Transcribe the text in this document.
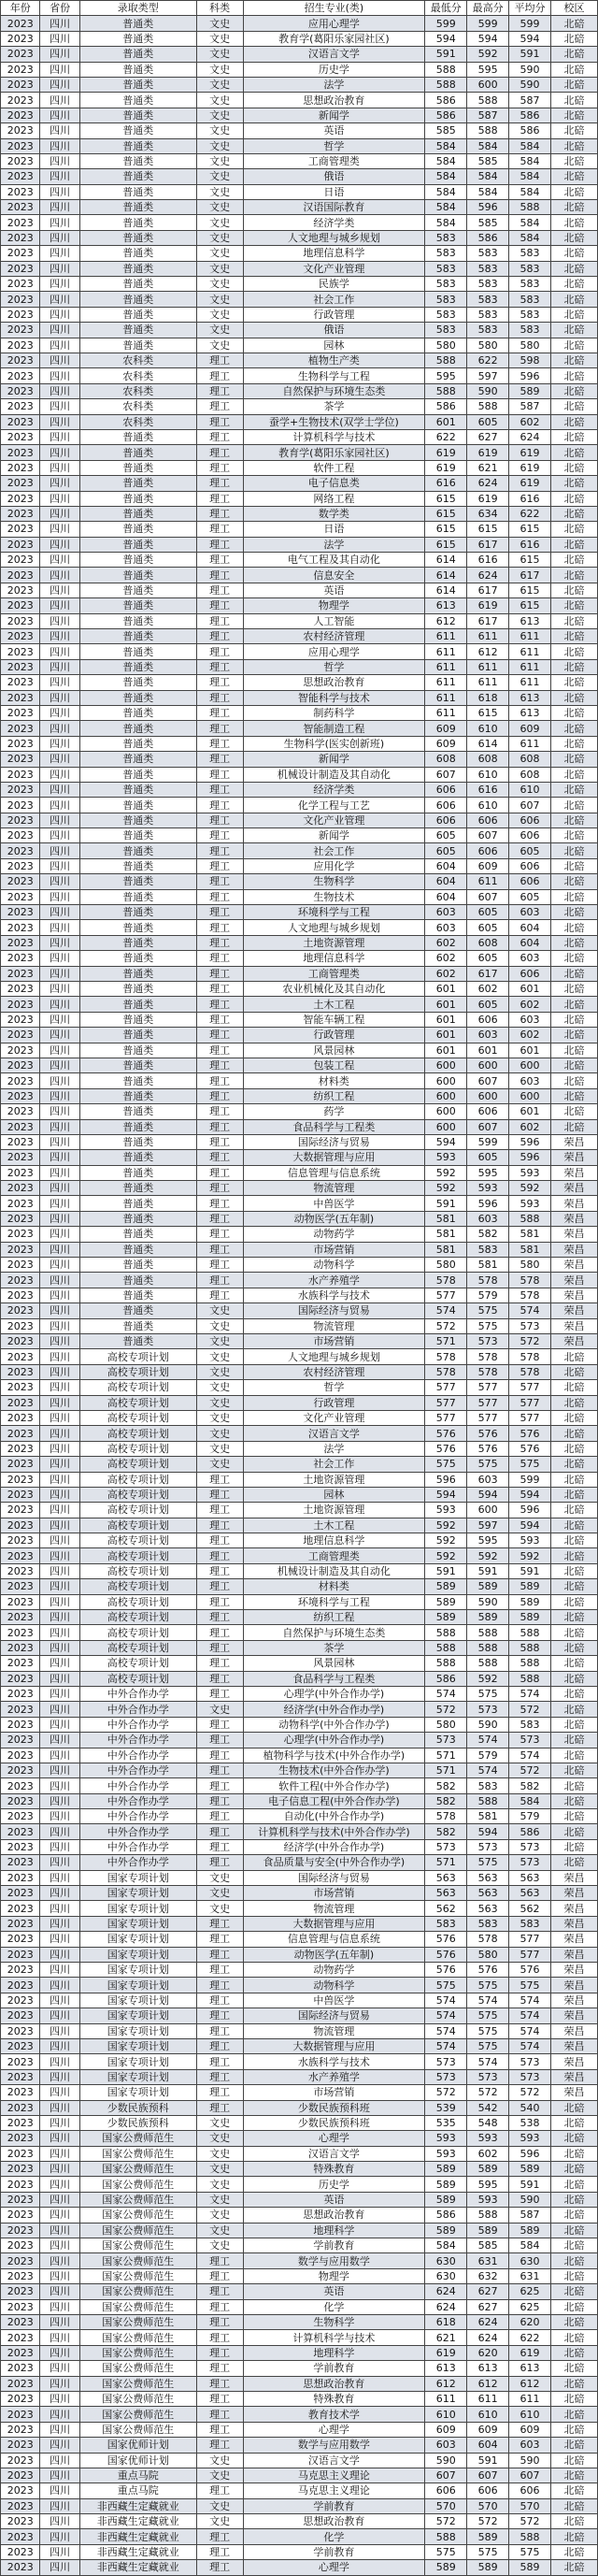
年份	省份	录取类型	科类	招生专业(类)	最低分	最高分	平均分	校区
2023	四川	普通类	文史	应用心理学	599	599	599	北碚
2023	四川	普通类	文史	教育学(葛阳乐家园社区)	594	594	594	北碚
2023	四川	普通类	文史	汉语言文学	591	592	591	北碚
2023	四川	普通类	文史	历史学	588	595	590	北碚
2023	四川	普通类	文史	法学	588	600	590	北碚
2023	四川	普通类	文史	思想政治教育	586	588	587	北碚
2023	四川	普通类	文史	新闻学	586	587	586	北碚
2023	四川	普通类	文史	英语	585	588	586	北碚
2023	四川	普通类	文史	哲学	584	584	584	北碚
2023	四川	普通类	文史	工商管理类	584	585	584	北碚
2023	四川	普通类	文史	俄语	584	584	584	北碚
2023	四川	普通类	文史	日语	584	584	584	北碚
2023	四川	普通类	文史	汉语国际教育	584	596	588	北碚
2023	四川	普通类	文史	经济学类	584	585	584	北碚
2023	四川	普通类	文史	人文地理与城乡规划	583	586	584	北碚
2023	四川	普通类	文史	地理信息科学	583	583	583	北碚
2023	四川	普通类	文史	文化产业管理	583	583	583	北碚
2023	四川	普通类	文史	民族学	583	583	583	北碚
2023	四川	普通类	文史	社会工作	583	583	583	北碚
2023	四川	普通类	文史	行政管理	583	583	583	北碚
2023	四川	普通类	文史	俄语	583	583	583	北碚
2023	四川	普通类	文史	园林	580	580	580	北碚
2023	四川	农科类	理工	植物生产类	588	622	598	北碚
2023	四川	农科类	理工	生物科学与工程	595	597	596	北碚
2023	四川	农科类	理工	自然保护与环境生态类	588	590	589	北碚
2023	四川	农科类	理工	茶学	586	588	587	北碚
2023	四川	农科类	理工	蚕学+生物技术(双学士学位)	601	605	602	北碚
2023	四川	普通类	理工	计算机科学与技术	622	627	624	北碚
2023	四川	普通类	理工	教育学(葛阳乐家园社区)	619	619	619	北碚
2023	四川	普通类	理工	软件工程	619	621	619	北碚
2023	四川	普通类	理工	电子信息类	616	624	619	北碚
2023	四川	普通类	理工	网络工程	615	619	616	北碚
2023	四川	普通类	理工	数学类	615	634	622	北碚
2023	四川	普通类	理工	日语	615	615	615	北碚
2023	四川	普通类	理工	法学	615	617	616	北碚
2023	四川	普通类	理工	电气工程及其自动化	614	616	615	北碚
2023	四川	普通类	理工	信息安全	614	624	617	北碚
2023	四川	普通类	理工	英语	614	617	615	北碚
2023	四川	普通类	理工	物理学	613	619	615	北碚
2023	四川	普通类	理工	人工智能	612	617	613	北碚
2023	四川	普通类	理工	农村经济管理	611	611	611	北碚
2023	四川	普通类	理工	应用心理学	611	612	611	北碚
2023	四川	普通类	理工	哲学	611	611	611	北碚
2023	四川	普通类	理工	思想政治教育	611	611	611	北碚
2023	四川	普通类	理工	智能科学与技术	611	618	613	北碚
2023	四川	普通类	理工	制药科学	611	615	613	北碚
2023	四川	普通类	理工	智能制造工程	609	610	609	北碚
2023	四川	普通类	理工	生物科学(医实创新班)	609	614	611	北碚
2023	四川	普通类	理工	新闻学	608	608	608	北碚
2023	四川	普通类	理工	机械设计制造及其自动化	607	610	608	北碚
2023	四川	普通类	理工	经济学类	606	616	610	北碚
2023	四川	普通类	理工	化学工程与工艺	606	610	607	北碚
2023	四川	普通类	理工	文化产业管理	606	606	606	北碚
2023	四川	普通类	理工	新闻学	605	607	606	北碚
2023	四川	普通类	理工	社会工作	605	606	605	北碚
2023	四川	普通类	理工	应用化学	604	609	606	北碚
2023	四川	普通类	理工	生物科学	604	611	606	北碚
2023	四川	普通类	理工	生物技术	604	607	605	北碚
2023	四川	普通类	理工	环境科学与工程	603	605	603	北碚
2023	四川	普通类	理工	人文地理与城乡规划	603	605	604	北碚
2023	四川	普通类	理工	土地资源管理	602	608	604	北碚
2023	四川	普通类	理工	地理信息科学	602	605	603	北碚
2023	四川	普通类	理工	工商管理类	602	617	606	北碚
2023	四川	普通类	理工	农业机械化及其自动化	601	602	601	北碚
2023	四川	普通类	理工	土木工程	601	605	602	北碚
2023	四川	普通类	理工	智能车辆工程	601	606	603	北碚
2023	四川	普通类	理工	行政管理	601	603	602	北碚
2023	四川	普通类	理工	风景园林	601	601	601	北碚
2023	四川	普通类	理工	包装工程	600	600	600	北碚
2023	四川	普通类	理工	材料类	600	607	603	北碚
2023	四川	普通类	理工	纺织工程	600	600	600	北碚
2023	四川	普通类	理工	药学	600	606	601	北碚
2023	四川	普通类	理工	食品科学与工程类	600	607	602	北碚
2023	四川	普通类	理工	国际经济与贸易	594	599	596	荣昌
2023	四川	普通类	理工	大数据管理与应用	593	605	596	荣昌
2023	四川	普通类	理工	信息管理与信息系统	592	595	593	荣昌
2023	四川	普通类	理工	物流管理	592	593	592	荣昌
2023	四川	普通类	理工	中兽医学	591	596	593	荣昌
2023	四川	普通类	理工	动物医学(五年制)	581	603	588	荣昌
2023	四川	普通类	理工	动物药学	581	582	581	荣昌
2023	四川	普通类	理工	市场营销	581	583	581	荣昌
2023	四川	普通类	理工	动物科学	580	581	580	荣昌
2023	四川	普通类	理工	水产养殖学	578	578	578	荣昌
2023	四川	普通类	理工	水族科学与技术	577	579	578	荣昌
2023	四川	普通类	文史	国际经济与贸易	574	575	574	荣昌
2023	四川	普通类	文史	物流管理	572	575	573	荣昌
2023	四川	普通类	文史	市场营销	571	573	572	荣昌
2023	四川	高校专项计划	文史	人文地理与城乡规划	578	578	578	北碚
2023	四川	高校专项计划	文史	农村经济管理	578	578	578	北碚
2023	四川	高校专项计划	文史	哲学	577	577	577	北碚
2023	四川	高校专项计划	文史	行政管理	577	577	577	北碚
2023	四川	高校专项计划	文史	文化产业管理	577	577	577	北碚
2023	四川	高校专项计划	文史	汉语言文学	576	576	576	北碚
2023	四川	高校专项计划	文史	法学	576	576	576	北碚
2023	四川	高校专项计划	文史	社会工作	575	575	575	北碚
2023	四川	高校专项计划	理工	土地资源管理	596	603	599	北碚
2023	四川	高校专项计划	理工	园林	594	594	594	北碚
2023	四川	高校专项计划	理工	土地资源管理	593	600	596	北碚
2023	四川	高校专项计划	理工	土木工程	592	597	594	北碚
2023	四川	高校专项计划	理工	地理信息科学	592	595	593	北碚
2023	四川	高校专项计划	理工	工商管理类	592	592	592	北碚
2023	四川	高校专项计划	理工	机械设计制造及其自动化	591	591	591	北碚
2023	四川	高校专项计划	理工	材料类	589	589	589	北碚
2023	四川	高校专项计划	理工	环境科学与工程	589	590	589	北碚
2023	四川	高校专项计划	理工	纺织工程	589	589	589	北碚
2023	四川	高校专项计划	理工	自然保护与环境生态类	588	588	588	北碚
2023	四川	高校专项计划	理工	茶学	588	588	588	北碚
2023	四川	高校专项计划	理工	风景园林	588	588	588	北碚
2023	四川	高校专项计划	理工	食品科学与工程类	586	592	588	北碚
2023	四川	中外合作办学	理工	心理学(中外合作办学)	574	575	574	北碚
2023	四川	中外合作办学	文史	经济学(中外合作办学)	572	573	572	北碚
2023	四川	中外合作办学	理工	动物科学(中外合作办学)	580	590	583	北碚
2023	四川	中外合作办学	理工	心理学(中外合作办学)	573	574	573	北碚
2023	四川	中外合作办学	理工	植物科学与技术(中外合作办学)	571	579	574	北碚
2023	四川	中外合作办学	理工	生物技术(中外合作办学)	571	574	572	北碚
2023	四川	中外合作办学	理工	软件工程(中外合作办学)	582	583	582	北碚
2023	四川	中外合作办学	理工	电子信息工程(中外合作办学)	582	588	584	北碚
2023	四川	中外合作办学	理工	自动化(中外合作办学)	578	581	579	北碚
2023	四川	中外合作办学	理工	计算机科学与技术(中外合作办学)	582	594	586	北碚
2023	四川	中外合作办学	理工	经济学(中外合作办学)	573	573	573	北碚
2023	四川	中外合作办学	理工	食品质量与安全(中外合作办学)	571	575	573	北碚
2023	四川	国家专项计划	文史	国际经济与贸易	563	563	563	荣昌
2023	四川	国家专项计划	文史	市场营销	563	563	563	荣昌
2023	四川	国家专项计划	文史	物流管理	562	563	562	荣昌
2023	四川	国家专项计划	理工	大数据管理与应用	583	583	583	荣昌
2023	四川	国家专项计划	理工	信息管理与信息系统	576	578	577	荣昌
2023	四川	国家专项计划	理工	动物医学(五年制)	576	580	577	荣昌
2023	四川	国家专项计划	理工	动物药学	576	576	576	荣昌
2023	四川	国家专项计划	理工	动物科学	575	575	575	荣昌
2023	四川	国家专项计划	理工	中兽医学	574	574	574	荣昌
2023	四川	国家专项计划	理工	国际经济与贸易	574	575	574	荣昌
2023	四川	国家专项计划	理工	物流管理	574	575	574	荣昌
2023	四川	国家专项计划	理工	大数据管理与应用	574	575	574	荣昌
2023	四川	国家专项计划	理工	水族科学与技术	573	574	573	荣昌
2023	四川	国家专项计划	理工	水产养殖学	573	573	573	荣昌
2023	四川	国家专项计划	理工	市场营销	572	572	572	荣昌
2023	四川	少数民族预科	理工	少数民族预科班	539	542	540	北碚
2023	四川	少数民族预科	文史	少数民族预科班	535	548	538	北碚
2023	四川	国家公费师范生	文史	心理学	593	593	593	北碚
2023	四川	国家公费师范生	文史	汉语言文学	593	602	596	北碚
2023	四川	国家公费师范生	文史	特殊教育	589	589	589	北碚
2023	四川	国家公费师范生	文史	历史学	589	595	591	北碚
2023	四川	国家公费师范生	文史	英语	589	593	590	北碚
2023	四川	国家公费师范生	文史	思想政治教育	586	588	587	北碚
2023	四川	国家公费师范生	文史	地理科学	589	589	589	北碚
2023	四川	国家公费师范生	文史	学前教育	584	585	584	北碚
2023	四川	国家公费师范生	理工	数学与应用数学	630	631	630	北碚
2023	四川	国家公费师范生	理工	物理学	630	632	631	北碚
2023	四川	国家公费师范生	理工	英语	624	627	625	北碚
2023	四川	国家公费师范生	理工	化学	624	627	625	北碚
2023	四川	国家公费师范生	理工	生物科学	618	624	620	北碚
2023	四川	国家公费师范生	理工	计算机科学与技术	621	624	622	北碚
2023	四川	国家公费师范生	理工	地理科学	619	620	619	北碚
2023	四川	国家公费师范生	理工	学前教育	613	613	613	北碚
2023	四川	国家公费师范生	理工	思想政治教育	612	612	612	北碚
2023	四川	国家公费师范生	理工	特殊教育	611	611	611	北碚
2023	四川	国家公费师范生	理工	教育技术学	610	610	610	北碚
2023	四川	国家公费师范生	理工	心理学	609	609	609	北碚
2023	四川	国家优师计划	理工	数学与应用数学	603	604	603	北碚
2023	四川	国家优师计划	文史	汉语言文学	590	591	590	北碚
2023	四川	重点马院	文史	马克思主义理论	607	607	607	北碚
2023	四川	重点马院	理工	马克思主义理论	606	606	606	北碚
2023	四川	非西藏生定藏就业	文史	学前教育	570	570	570	北碚
2023	四川	非西藏生定藏就业	文史	思想政治教育	572	572	572	北碚
2023	四川	非西藏生定藏就业	理工	化学	588	589	588	北碚
2023	四川	非西藏生定藏就业	理工	学前教育	575	575	575	北碚
2023	四川	非西藏生定藏就业	理工	心理学	589	589	589	北碚
